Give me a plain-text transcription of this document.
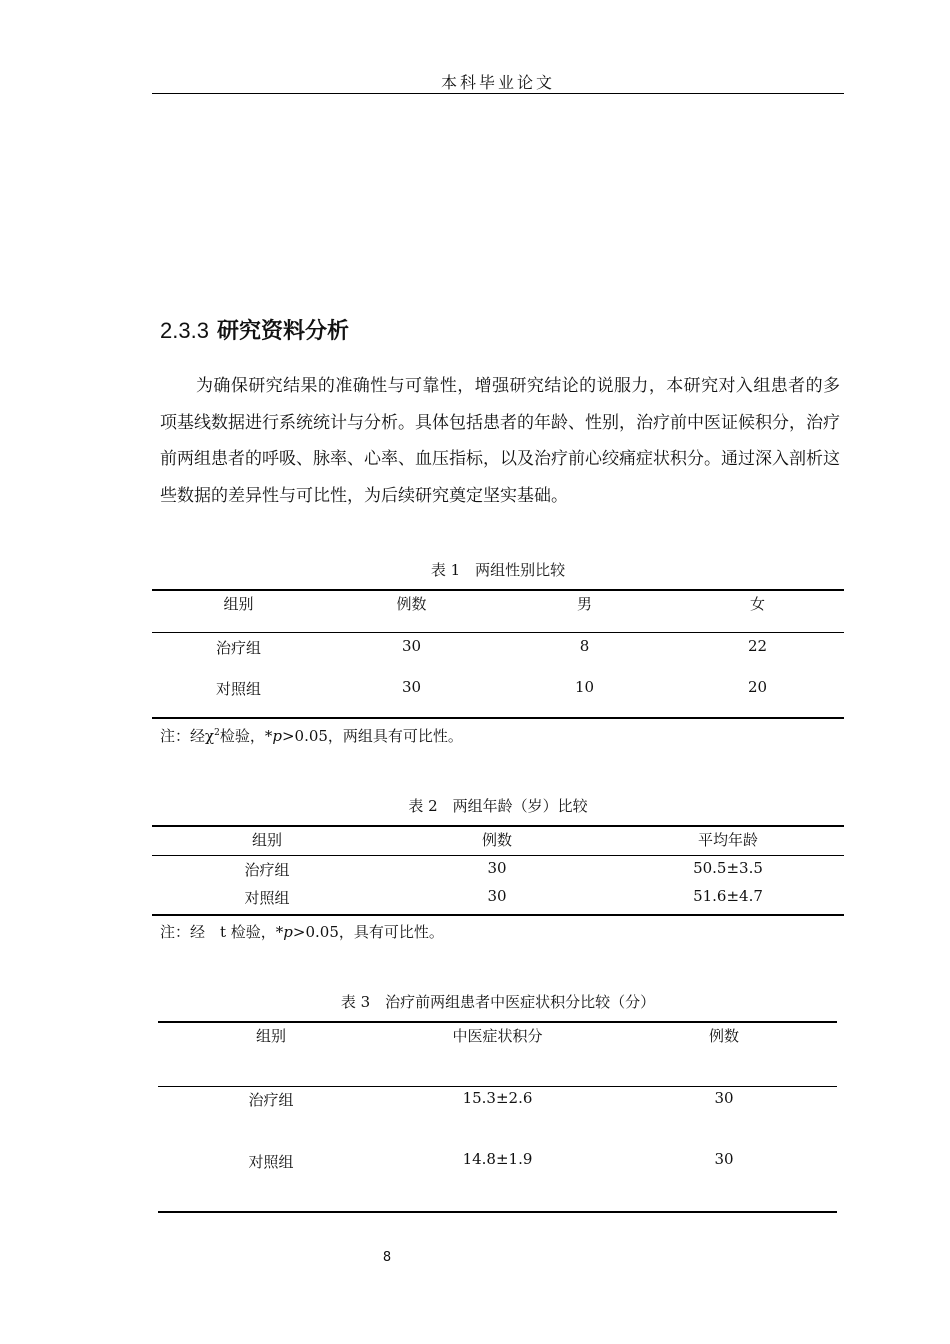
本科毕业论文
2.3.3 研究资料分析
为确保研究结果的准确性与可靠性，增强研究结论的说服力，本研究对入组患者的多项基线数据进行系统统计与分析。具体包括患者的年龄、性别，治疗前中医证候积分，治疗前两组患者的呼吸、脉率、心率、血压指标，以及治疗前心绞痛症状积分。通过深入剖析这些数据的差异性与可比性，为后续研究奠定坚实基础。
表 1　两组性别比较
组别	例数	男	女
治疗组	30	8	22
对照组	30	10	20
注：经$\chi^2$检验，*p>0.05，两组具有可比性。
表 2　两组年龄（岁）比较
组别	例数	平均年龄
治疗组	30	50.5±3.5
对照组	30	51.6±4.7
注：经　t 检验，*p>0.05，具有可比性。
表 3　治疗前两组患者中医症状积分比较（分）
组别	中医症状积分	例数
治疗组	15.3±2.6	30
对照组	14.8±1.9	30
8
